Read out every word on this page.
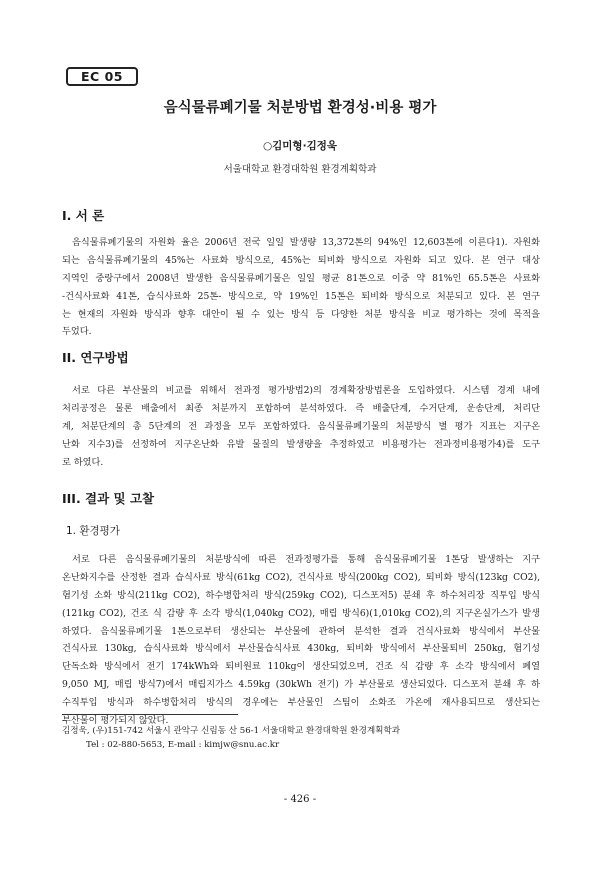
EC 05
음식물류폐기물 처분방법 환경성·비용 평가
○김미형·김정욱
서울대학교 환경대학원 환경계획학과
I. 서 론
음식물류폐기물의 자원화 율은 2006년 전국 일일 발생량 13,372톤의 94%인 12,603톤에 이른다1). 자원화
되는 음식물류폐기물의 45%는 사료화 방식으로, 45%는 퇴비화 방식으로 자원화 되고 있다. 본 연구 대상
지역인 중랑구에서 2008년 발생한 음식물류폐기물은 일일 평균 81톤으로 이중 약 81%인 65.5톤은 사료화
-건식사료화 41톤, 습식사료화 25톤- 방식으로, 약 19%인 15톤은 퇴비화 방식으로 처분되고 있다. 본 연구
는 현재의 자원화 방식과 향후 대안이 될 수 있는 방식 등 다양한 처분 방식을 비교 평가하는 것에 목적을
두었다.
II. 연구방법
서로 다른 부산물의 비교를 위해서 전과정 평가방법2)의 경계확장방법론을 도입하였다. 시스템 경계 내에
처리공정은 물론 배출에서 최종 처분까지 포함하여 분석하였다. 즉 배출단계, 수거단계, 운송단계, 처리단
계, 처분단계의 총 5단계의 전 과정을 모두 포함하였다. 음식물류폐기물의 처분방식 별 평가 지표는 지구온
난화 지수3)를 선정하여 지구온난화 유발 물질의 발생량을 추정하였고 비용평가는 전과정비용평가4)를 도구
로 하였다.
III. 결과 및 고찰
1. 환경평가
서로 다른 음식물류폐기물의 처분방식에 따른 전과정평가를 통해 음식물류폐기물 1톤당 발생하는 지구
온난화지수를 산정한 결과 습식사료 방식(61kg CO2), 건식사료 방식(200kg CO2), 퇴비화 방식(123kg CO2),
혐기성 소화 방식(211kg CO2), 하수병합처리 방식(259kg CO2), 디스포저5) 분쇄 후 하수처리장 직투입 방식
(121kg CO2), 건조 식 감량 후 소각 방식(1,040kg CO2), 매립 방식6)(1,010kg CO2),의 지구온실가스가 발생
하였다. 음식물류폐기물 1톤으로부터 생산되는 부산물에 관하여 분석한 결과 건식사료화 방식에서 부산물
건식사료 130kg, 습식사료화 방식에서 부산물습식사료 430kg, 퇴비화 방식에서 부산물퇴비 250kg, 혐기성
단독소화 방식에서 전기 174kWh와 퇴비원료 110kg이 생산되었으며, 건조 식 감량 후 소각 방식에서 폐열
9,050 MJ, 매립 방식7)에서 매립지가스 4.59kg (30kWh 전기) 가 부산물로 생산되었다. 디스포저 분쇄 후 하
수직투입 방식과 하수병합처리 방식의 경우에는 부산물인 스팀이 소화조 가온에 재사용되므로 생산되는
부산물이 평가되지 않았다.
김정욱, (우)151-742 서울시 관악구 신림동 산 56-1 서울대학교 환경대학원 환경계획학과
Tel : 02-880-5653, E-mail : kimjw@snu.ac.kr
- 426 -
